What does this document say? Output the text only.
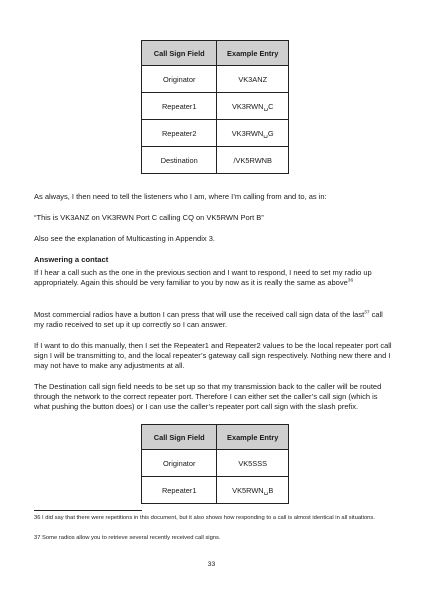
Call Sign Field	Example Entry
Originator	VK3ANZ
Repeater1	VK3RWN␣C
Repeater2	VK3RWN␣G
Destination	/VK5RWNB

As always, I then need to tell the listeners who I am, where I’m calling from and to, as in:

“This is VK3ANZ on VK3RWN Port C calling CQ on VK5RWN Port B”

Also see the explanation of Multicasting in Appendix 3.

Answering a contact

If I hear a call such as the one in the previous section and I want to respond, I need to set my radio up appropriately. Again this should be very familiar to you by now as it is really the same as above$^{36}$

Most commercial radios have a button I can press that will use the received call sign data of the last$^{37}$ call my radio received to set up it up correctly so I can answer.

If I want to do this manually, then I set the Repeater1 and Repeater2 values to be the local repeater port call sign I will be transmitting to, and the local repeater’s gateway call sign respectively. Nothing new there and I may not have to make any adjustments at all.

The Destination call sign field needs to be set up so that my transmission back to the caller will be routed through the network to the correct repeater port. Therefore I can either set the caller’s call sign (which is what pushing the button does) or I can use the caller’s repeater port call sign with the slash prefix.

Call Sign Field	Example Entry
Originator	VK5SSS
Repeater1	VK5RWN␣B

36 I did say that there were repetitions in this document, but it also shows how responding to a call is almost identical in all situations.

37 Some radios allow you to retrieve several recently received call signs.

33
